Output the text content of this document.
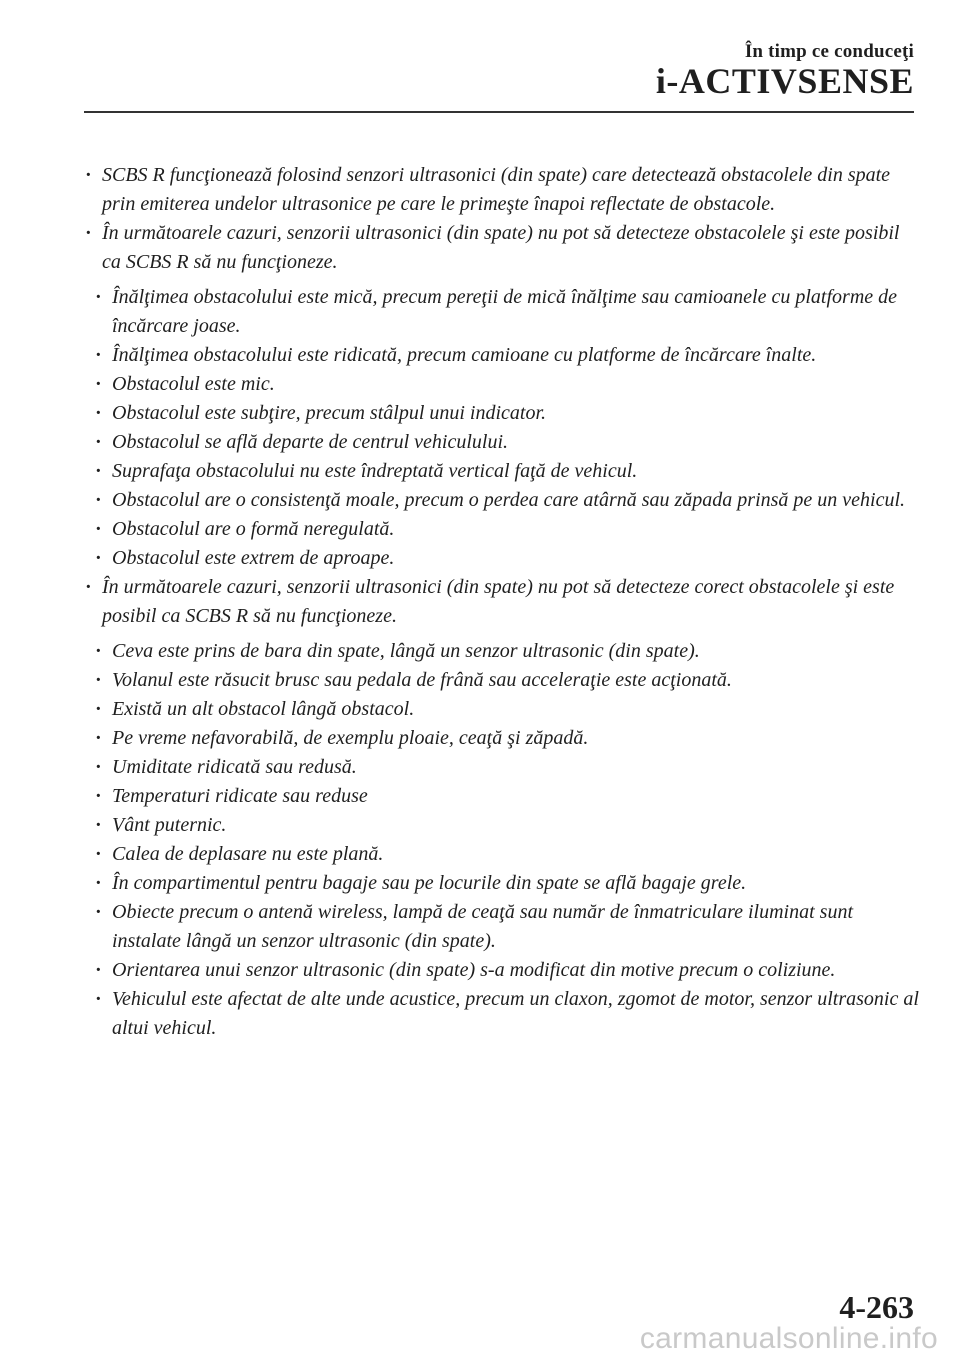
În timp ce conduceţi
i-ACTIVSENSE
· SCBS R funcţionează folosind senzori ultrasonici (din spate) care detectează obstacolele din spate prin emiterea undelor ultrasonice pe care le primeşte înapoi reflectate de obstacole.
· În următoarele cazuri, senzorii ultrasonici (din spate) nu pot să detecteze obstacolele şi este posibil ca SCBS R să nu funcţioneze.
· Înălţimea obstacolului este mică, precum pereţii de mică înălţime sau camioanele cu platforme de încărcare joase.
· Înălţimea obstacolului este ridicată, precum camioane cu platforme de încărcare înalte.
· Obstacolul este mic.
· Obstacolul este subţire, precum stâlpul unui indicator.
· Obstacolul se află departe de centrul vehiculului.
· Suprafaţa obstacolului nu este îndreptată vertical faţă de vehicul.
· Obstacolul are o consistenţă moale, precum o perdea care atârnă sau zăpada prinsă pe un vehicul.
· Obstacolul are o formă neregulată.
· Obstacolul este extrem de aproape.
· În următoarele cazuri, senzorii ultrasonici (din spate) nu pot să detecteze corect obstacolele şi este posibil ca SCBS R să nu funcţioneze.
· Ceva este prins de bara din spate, lângă un senzor ultrasonic (din spate).
· Volanul este răsucit brusc sau pedala de frână sau acceleraţie este acţionată.
· Există un alt obstacol lângă obstacol.
· Pe vreme nefavorabilă, de exemplu ploaie, ceaţă şi zăpadă.
· Umiditate ridicată sau redusă.
· Temperaturi ridicate sau reduse
· Vânt puternic.
· Calea de deplasare nu este plană.
· În compartimentul pentru bagaje sau pe locurile din spate se află bagaje grele.
· Obiecte precum o antenă wireless, lampă de ceaţă sau număr de înmatriculare iluminat sunt instalate lângă un senzor ultrasonic (din spate).
· Orientarea unui senzor ultrasonic (din spate) s-a modificat din motive precum o coliziune.
· Vehiculul este afectat de alte unde acustice, precum un claxon, zgomot de motor, senzor ultrasonic al altui vehicul.
4-263
carmanualsonline.info
